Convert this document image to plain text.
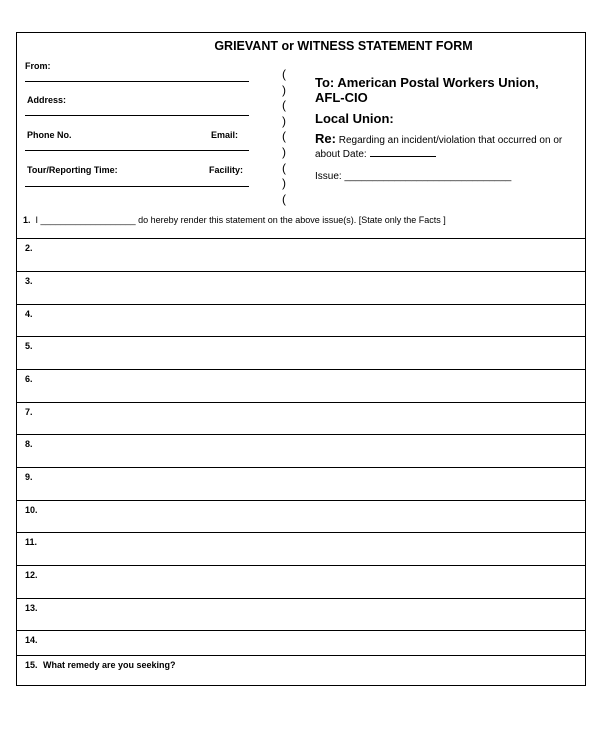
GRIEVANT or WITNESS STATEMENT FORM
From:
Address:
Phone No.	Email:
Tour/Reporting Time:	Facility:
(
)
(
)
(
)
(
)
(
To: American Postal Workers Union,
AFL-CIO
Local Union:
Re: Regarding an incident/violation that occurred on or about Date:
Issue: ______________________________
1. I ___________________ do hereby render this statement on the above issue(s). [State only the Facts ]
2.
3.
4.
5.
6.
7.
8.
9.
10.
11.
12.
13.
14.
15. What remedy are you seeking?
